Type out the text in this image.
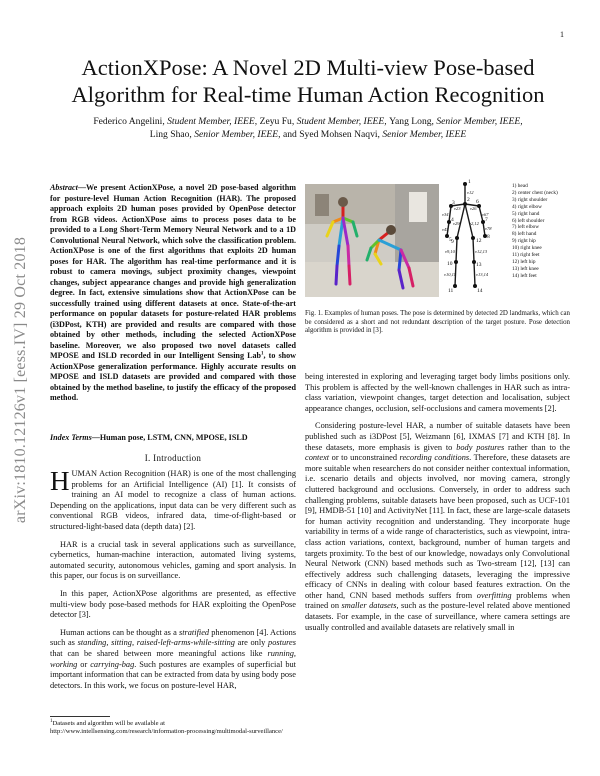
1
arXiv:1810.12126v1 [eess.IV] 29 Oct 2018
ActionXPose: A Novel 2D Multi-view Pose-based
Algorithm for Real-time Human Action Recognition
Federico Angelini, Student Member, IEEE, Zeyu Fu, Student Member, IEEE, Yang Long, Senior Member, IEEE,
Ling Shao, Senior Member, IEEE, and Syed Mohsen Naqvi, Senior Member, IEEE
Abstract—We present ActionXPose, a novel 2D pose-based algorithm for posture-level Human Action Recognition (HAR). The proposed approach exploits 2D human poses provided by OpenPose detector from RGB videos. ActionXPose aims to process poses data to be provided to a Long Short-Term Memory Neural Network and to a 1D Convolutional Neural Network, which solve the classification problem. ActionXPose is one of the first algorithms that exploits 2D human poses for HAR. The algorithm has real-time performance and it is robust to camera movings, subject proximity changes, viewpoint changes, subject appearance changes and provide high generalization degree. In fact, extensive simulations show that ActionXPose can be successfully trained using different datasets at once. State-of-the-art performance on popular datasets for posture-related HAR problems (i3DPost, KTH) are provided and results are compared with those obtained by other methods, including the selected ActionXPose baseline. Moreover, we also proposed two novel datasets called MPOSE and ISLD recorded in our Intelligent Sensing Lab$^1$, to show ActionXPose generalization performance. Highly accurate results on MPOSE and ISLD datasets are provided and compared with those obtained by the method baseline, to justify the efficacy of the proposed method.
Index Terms—Human pose, LSTM, CNN, MPOSE, ISLD
I. Introduction

HUMAN Action Recognition (HAR) is one of the most challenging problems for an Artificial Intelligence (AI) [1]. It consists of training an AI model to recognize a class of human actions. Depending on the applications, input data can be very different such as conventional RGB videos, infrared data, time-of-flight-based or structured-light-based data (depth data) [2].

HAR is a crucial task in several applications such as surveillance, cybernetics, human-machine interaction, automated living systems, automated security, autonomous vehicles, gaming and sport analysis. In this paper, our focus is on surveillance.

In this paper, ActionXPose algorithms are presented, as effective multi-view body pose-based methods for HAR exploiting the OpenPose detector [3].

Human actions can be thought as a stratified phenomenon [4]. Actions such as standing, sitting, raised-left-arms-while-sitting are only postures that can be shared between more meaningful actions like running, working or carrying-bag. Such postures are examples of superficial but important information that can be extracted from data by using body pose detectors. In this work, we focus on posture-level HAR,

$^1$Datasets and algorithm will be available at http://www.intellsensing.com/research/information-processing/multimodal-surveillance/
1
2
3
4
5
6
7
8
9
10
11
12
13
14
v12
v23
v34
v45
v26
v67
v78
v29
v9,10
v10,11
v2,12
v12,13
v13,14
1) head
2) center chest (neck)
3) right shoulder
4) right elbow
5) right hand
6) left shoulder
7) left elbow
8) left hand
9) right hip
10) right knee
11) right feet
12) left hip
13) left knee
14) left feet
Fig. 1. Examples of human poses. The pose is determined by detected 2D landmarks, which can be considered as a short and not redundant description of the target posture. Pose detection algorithm is provided in [3].

being interested in exploring and leveraging target body limbs positions only. This problem is affected by the well-known challenges in HAR such as intra-class variation, viewpoint changes, target detection and localisation, subject appearance changes, occlusion, self-occlusions and camera movements [2].

Considering posture-level HAR, a number of suitable datasets have been published such as i3DPost [5], Weizmann [6], IXMAS [7] and KTH [8]. In these datasets, more emphasis is given to body postures rather than to the context or to unconstrained recording conditions. Therefore, these datasets are more suitable when researchers do not consider neither contextual information, i.e. scenario details and objects involved, nor moving camera, strongly cluttered background and occlusions. Conversely, in order to address such challenging problems, suitable datasets have been proposed, such as UCF-101 [9], HMDB-51 [10] and ActivityNet [11]. In fact, these are large-scale datasets for human activity recognition and understanding. They incorporate huge variability in terms of a wide range of characteristics, such as viewpoint, intra-class action variations, context, background, number of human targets and targets proximity. To the best of our knowledge, nowadays only Convolutional Neural Network (CNN) based methods such as Two-stream [12], [13] can effectively address such challenging datasets, leveraging the impressive efficacy of CNNs in dealing with colour based features extraction. On the other hand, CNN based methods suffers from overfitting problems when trained on smaller datasets, such as the posture-level related above mentioned datasets. For example, in the case of surveillance, where camera settings are usually controlled and available datasets are relatively small in
